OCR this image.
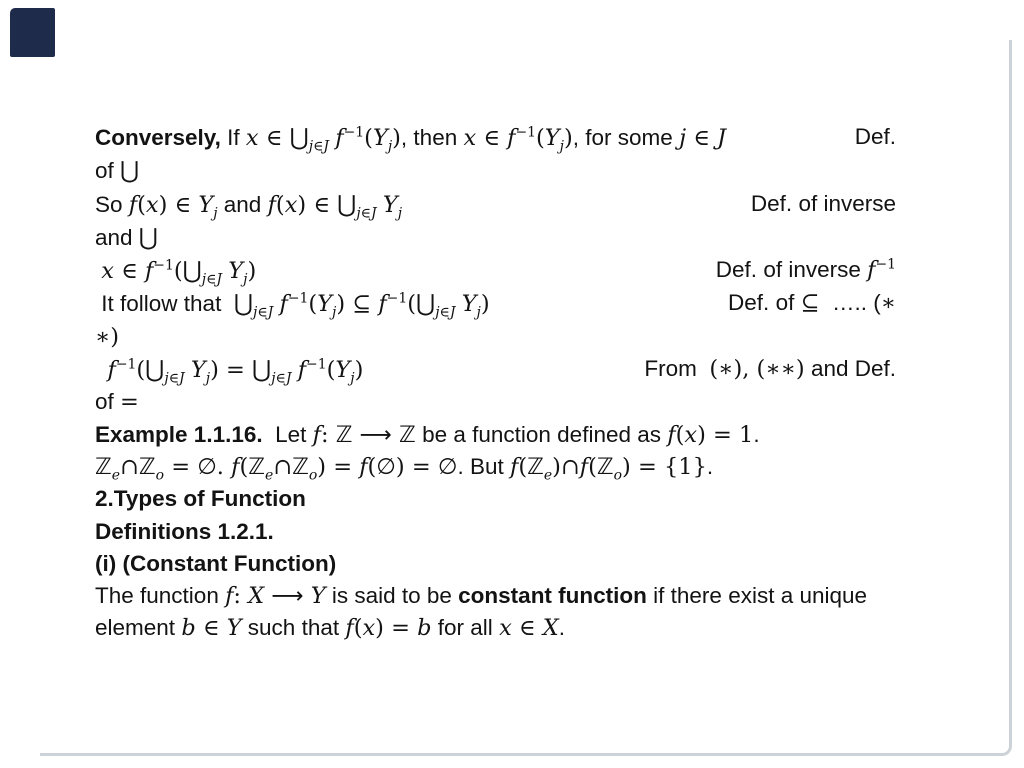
Conversely, If x ∈ $⋃_{j\in J}$ $f^{-1}(Y_j)$, then x ∈ $f^{-1}(Y_j)$, for some j ∈ J	Def.
of ⋃
So f(x) ∈ $Y_j$ and f(x) ∈ $⋃_{j\in J}$ $Y_j$	Def. of inverse
and ⋃
x ∈ $f^{-1}(⋃_{j\in J}$ $Y_j$)	Def. of inverse $f^{-1}$
It follow that  $⋃_{j\in J}$ $f^{-1}(Y_j)$ ⊆ $f^{-1}(⋃_{j\in J}$ $Y_j$)	Def. of ⊆  ….. (∗
∗)
$f^{-1}(⋃_{j\in J}$ $Y_j$) = $⋃_{j\in J}$ $f^{-1}(Y_j)$	From  (∗), (∗∗) and Def.
of =
Example 1.1.16.  Let f: ℤ ⟶ ℤ be a function defined as f(x) = 1.
ℤ$_e$∩ℤ$_o$ = ∅. f(ℤ$_e$∩ℤ$_o$) = f(∅) = ∅. But f(ℤ$_e$)∩f(ℤ$_o$) = {1}.
2.Types of Function
Definitions 1.2.1.
(i) (Constant Function)
The function f: X ⟶ Y is said to be constant function if there exist a unique
element b ∈ Y such that f(x) = b for all x ∈ X.
